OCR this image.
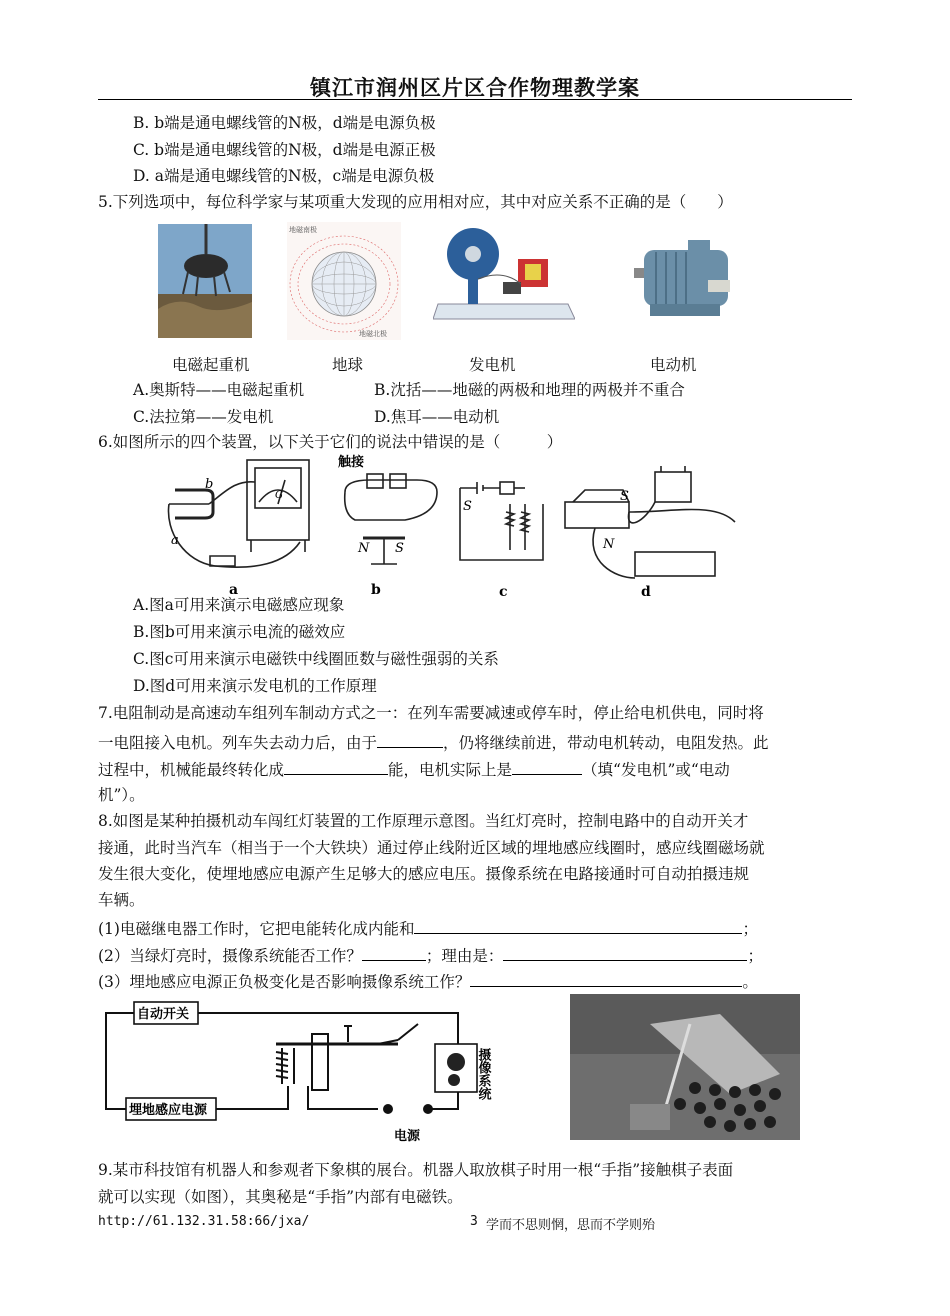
镇江市润州区片区合作物理教学案
B. b端是通电螺线管的N极，d端是电源负极
C. b端是通电螺线管的N极，d端是电源正极
D. a端是通电螺线管的N极，c端是电源负极
5.下列选项中，每位科学家与某项重大发现的应用相对应，其中对应关系不正确的是（　　）
地磁南极
地磁北极
电磁起重机	地球	发电机	电动机
A.奥斯特——电磁起重机	B.沈括——地磁的两极和地理的两极并不重合
C.法拉第——发电机	D.焦耳——电动机
6.如图所示的四个装置，以下关于它们的说法中错误的是（　　　）
G
b
a
a
触接
N S
b
S
c
S
N
d
A.图a可用来演示电磁感应现象
B.图b可用来演示电流的磁效应
C.图c可用来演示电磁铁中线圈匝数与磁性强弱的关系
D.图d可用来演示发电机的工作原理
7.电阻制动是高速动车组列车制动方式之一：在列车需要减速或停车时，停止给电机供电，同时将
一电阻接入电机。列车失去动力后，由于	，仍将继续前进，带动电机转动，电阻发热。此
过程中，机械能最终转化成	能，电机实际上是	（填“发电机”或“电动
机”）。
8.如图是某种拍摄机动车闯红灯装置的工作原理示意图。当红灯亮时，控制电路中的自动开关才
接通，此时当汽车（相当于一个大铁块）通过停止线附近区域的埋地感应线圈时，感应线圈磁场就
发生很大变化，使埋地感应电源产生足够大的感应电压。摄像系统在电路接通时可自动拍摄违规
车辆。
(1)电磁继电器工作时，它把电能转化成内能和	；
(2）当绿灯亮时，摄像系统能否工作？	；理由是：	；
(3）埋地感应电源正负极变化是否影响摄像系统工作？	。
自动开关
埋地感应电源
电源
摄像系统
9.某市科技馆有机器人和参观者下象棋的展台。机器人取放棋子时用一根“手指”接触棋子表面
就可以实现（如图），其奥秘是“手指”内部有电磁铁。
http://61.132.31.58:66/jxa/	3 学而不思则惘，思而不学则殆
